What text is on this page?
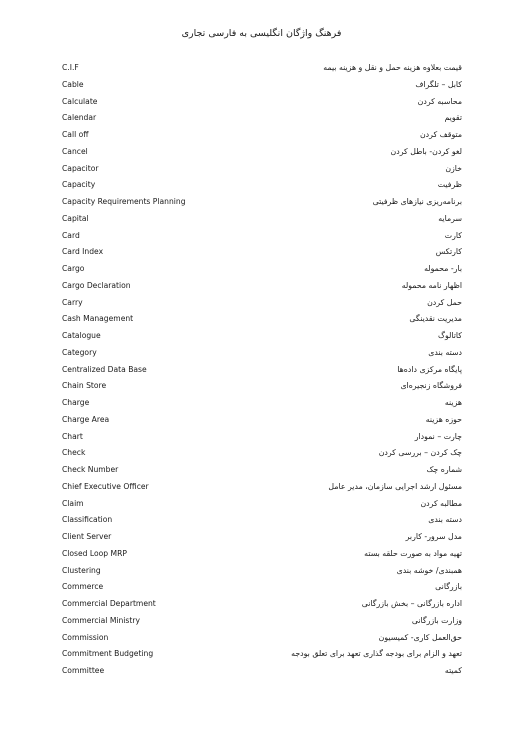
فرهنگ واژگان انگلیسی به فارسی تجاری
C.I.F	قیمت بعلاوه هزینه حمل و نقل و هزینه بیمه
Cable	کابل – تلگراف
Calculate	محاسبه کردن
Calendar	تقویم
Call off	متوقف کردن
Cancel	لغو کردن- باطل کردن
Capacitor	خازن
Capacity	ظرفیت
Capacity Requirements Planning	برنامه‌ریزی نیازهای ظرفیتی
Capital	سرمایه
Card	کارت
Card Index	کارتکس
Cargo	بار- محموله
Cargo Declaration	اظهار نامه محموله
Carry	حمل کردن
Cash Management	مدیریت نقدینگی
Catalogue	کاتالوگ
Category	دسته بندی
Centralized Data Base	پایگاه مرکزی داده‌ها
Chain Store	فروشگاه زنجیره‌ای
Charge	هزینه
Charge Area	حوزه هزینه
Chart	چارت – نمودار
Check	چک کردن – بررسی کردن
Check Number	شماره چک
Chief Executive Officer	مسئول ارشد اجرایی سازمان، مدیر عامل
Claim	مطالبه کردن
Classification	دسته بندی
Client Server	مدل سرور- کاربر
Closed Loop MRP	تهیه مواد به صورت حلقه بسته
Clustering	همبندی/ خوشه بندی
Commerce	بازرگانی
Commercial Department	اداره بازرگانی – بخش بازرگانی
Commercial Ministry	وزارت بازرگانی
Commission	حق‌العمل کاری- کمیسیون
Commitment Budgeting	تعهد و الزام برای بودجه گذاری تعهد برای تعلق بودجه
Committee	کمیته
